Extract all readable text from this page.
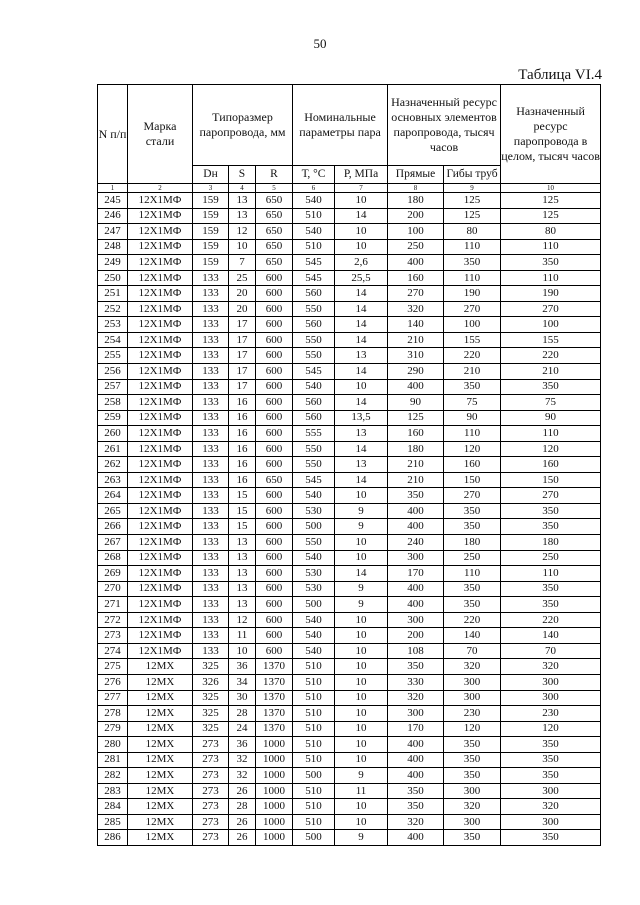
50
Таблица VI.4
N п/п	Марка стали	Типоразмер паропровода, мм			Номинальные параметры пара		Назначенный ресурс основных элементов паропровода, тысяч часов		Назначенный ресурс паропровода в целом, тысяч часов
		Dн	S	R	Т, °С	Р, МПа	Прямые	Гибы труб	
1	2	3	4	5	6	7	8	9	10
245	12Х1МФ	159	13	650	540	10	180	125	125
246	12Х1МФ	159	13	650	510	14	200	125	125
247	12Х1МФ	159	12	650	540	10	100	80	80
248	12Х1МФ	159	10	650	510	10	250	110	110
249	12Х1МФ	159	7	650	545	2,6	400	350	350
250	12Х1МФ	133	25	600	545	25,5	160	110	110
251	12Х1МФ	133	20	600	560	14	270	190	190
252	12Х1МФ	133	20	600	550	14	320	270	270
253	12Х1МФ	133	17	600	560	14	140	100	100
254	12Х1МФ	133	17	600	550	14	210	155	155
255	12Х1МФ	133	17	600	550	13	310	220	220
256	12Х1МФ	133	17	600	545	14	290	210	210
257	12Х1МФ	133	17	600	540	10	400	350	350
258	12Х1МФ	133	16	600	560	14	90	75	75
259	12Х1МФ	133	16	600	560	13,5	125	90	90
260	12Х1МФ	133	16	600	555	13	160	110	110
261	12Х1МФ	133	16	600	550	14	180	120	120
262	12Х1МФ	133	16	600	550	13	210	160	160
263	12Х1МФ	133	16	650	545	14	210	150	150
264	12Х1МФ	133	15	600	540	10	350	270	270
265	12Х1МФ	133	15	600	530	9	400	350	350
266	12Х1МФ	133	15	600	500	9	400	350	350
267	12Х1МФ	133	13	600	550	10	240	180	180
268	12Х1МФ	133	13	600	540	10	300	250	250
269	12Х1МФ	133	13	600	530	14	170	110	110
270	12Х1МФ	133	13	600	530	9	400	350	350
271	12Х1МФ	133	13	600	500	9	400	350	350
272	12Х1МФ	133	12	600	540	10	300	220	220
273	12Х1МФ	133	11	600	540	10	200	140	140
274	12Х1МФ	133	10	600	540	10	108	70	70
275	12МХ	325	36	1370	510	10	350	320	320
276	12МХ	326	34	1370	510	10	330	300	300
277	12МХ	325	30	1370	510	10	320	300	300
278	12МХ	325	28	1370	510	10	300	230	230
279	12МХ	325	24	1370	510	10	170	120	120
280	12МХ	273	36	1000	510	10	400	350	350
281	12МХ	273	32	1000	510	10	400	350	350
282	12МХ	273	32	1000	500	9	400	350	350
283	12МХ	273	26	1000	510	11	350	300	300
284	12МХ	273	28	1000	510	10	350	320	320
285	12МХ	273	26	1000	510	10	320	300	300
286	12МХ	273	26	1000	500	9	400	350	350
